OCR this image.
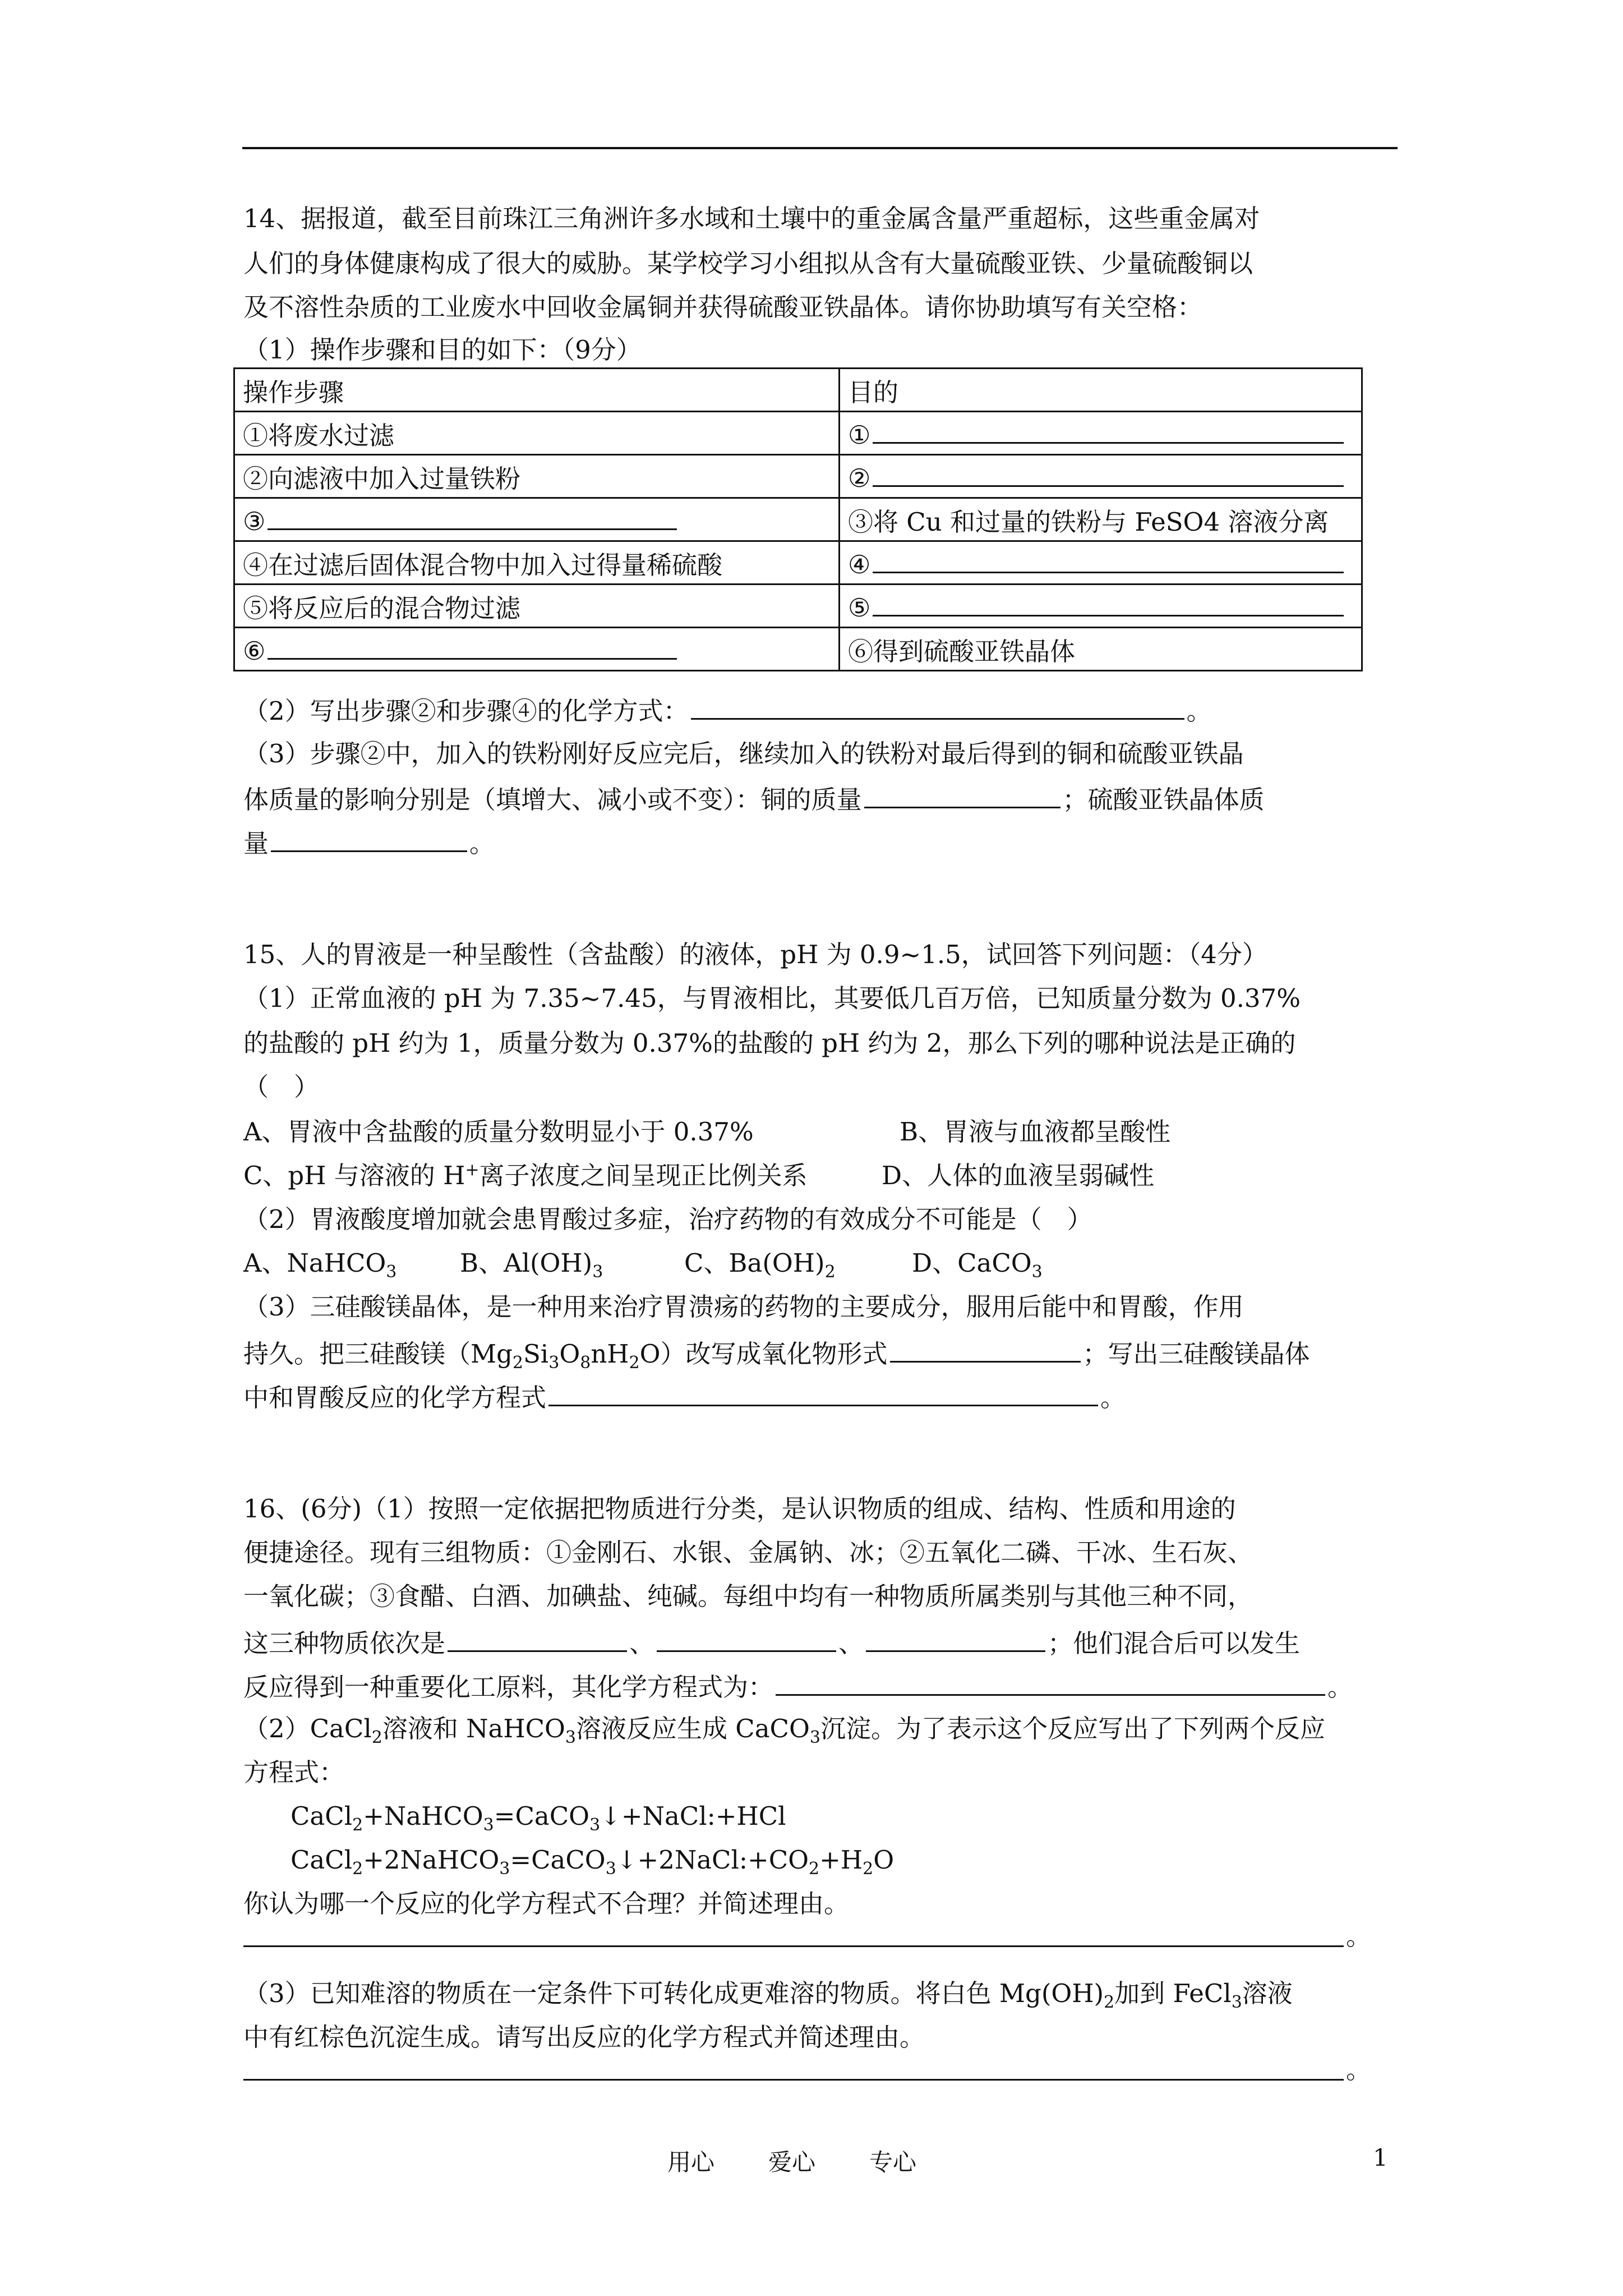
14、据报道，截至目前珠江三角洲许多水域和土壤中的重金属含量严重超标，这些重金属对
人们的身体健康构成了很大的威胁。某学校学习小组拟从含有大量硫酸亚铁、少量硫酸铜以
及不溶性杂质的工业废水中回收金属铜并获得硫酸亚铁晶体。请你协助填写有关空格：
（1）操作步骤和目的如下：（9分）
操作步骤	目的
①将废水过滤	①
②向滤液中加入过量铁粉	②
③	③将 Cu 和过量的铁粉与 FeSO4 溶液分离
④在过滤后固体混合物中加入过得量稀硫酸	④
⑤将反应后的混合物过滤	⑤
⑥	⑥得到硫酸亚铁晶体
（2）写出步骤②和步骤④的化学方式：	。
（3）步骤②中，加入的铁粉刚好反应完后，继续加入的铁粉对最后得到的铜和硫酸亚铁晶
体质量的影响分别是（填增大、减小或不变）：铜的质量	；硫酸亚铁晶体质
量	。
15、人的胃液是一种呈酸性（含盐酸）的液体，pH 为 0.9~1.5，试回答下列问题：（4分）
（1）正常血液的 pH 为 7.35~7.45，与胃液相比，其要低几百万倍，已知质量分数为 0.37%
的盐酸的 pH 约为 1，质量分数为 0.37%的盐酸的 pH 约为 2，那么下列的哪种说法是正确的
（　）
A、胃液中含盐酸的质量分数明显小于 0.37%	B、胃液与血液都呈酸性
C、pH 与溶液的 H+离子浓度之间呈现正比例关系	D、人体的血液呈弱碱性
（2）胃液酸度增加就会患胃酸过多症，治疗药物的有效成分不可能是（　）
A、NaHCO$_3$	B、$Al(OH)_3$	C、$Ba(OH)_2$	D、CaCO$_3$
（3）三硅酸镁晶体，是一种用来治疗胃溃疡的药物的主要成分，服用后能中和胃酸，作用
持久。把三硅酸镁$(Mg_2Si_3O_8nH_2O)$改写成氧化物形式	；写出三硅酸镁晶体
中和胃酸反应的化学方程式	。
16、(6分)（1）按照一定依据把物质进行分类，是认识物质的组成、结构、性质和用途的
便捷途径。现有三组物质：①金刚石、水银、金属钠、冰；②五氧化二磷、干冰、生石灰、
一氧化碳；③食醋、白酒、加碘盐、纯碱。每组中均有一种物质所属类别与其他三种不同，
这三种物质依次是	、	、	；他们混合后可以发生
反应得到一种重要化工原料，其化学方程式为：	。
（2）CaCl$_2$溶液和 NaHCO$_3$溶液反应生成 CaCO$_3$沉淀。为了表示这个反应写出了下列两个反应
方程式：
CaCl$_2$+NaHCO$_3$=CaCO$_3$↓+NaCl:+HCl
$CaCl_2+2NaHCO_3=CaCO_3↓+2NaCl:+CO_2+H_2O$
你认为哪一个反应的化学方程式不合理？并简述理由。
。
（3）已知难溶的物质在一定条件下可转化成更难溶的物质。将白色 $Mg(OH)_2$加到 FeCl$_3$溶液
中有红棕色沉淀生成。请写出反应的化学方程式并简述理由。
。
用心 爱心 专心	1
